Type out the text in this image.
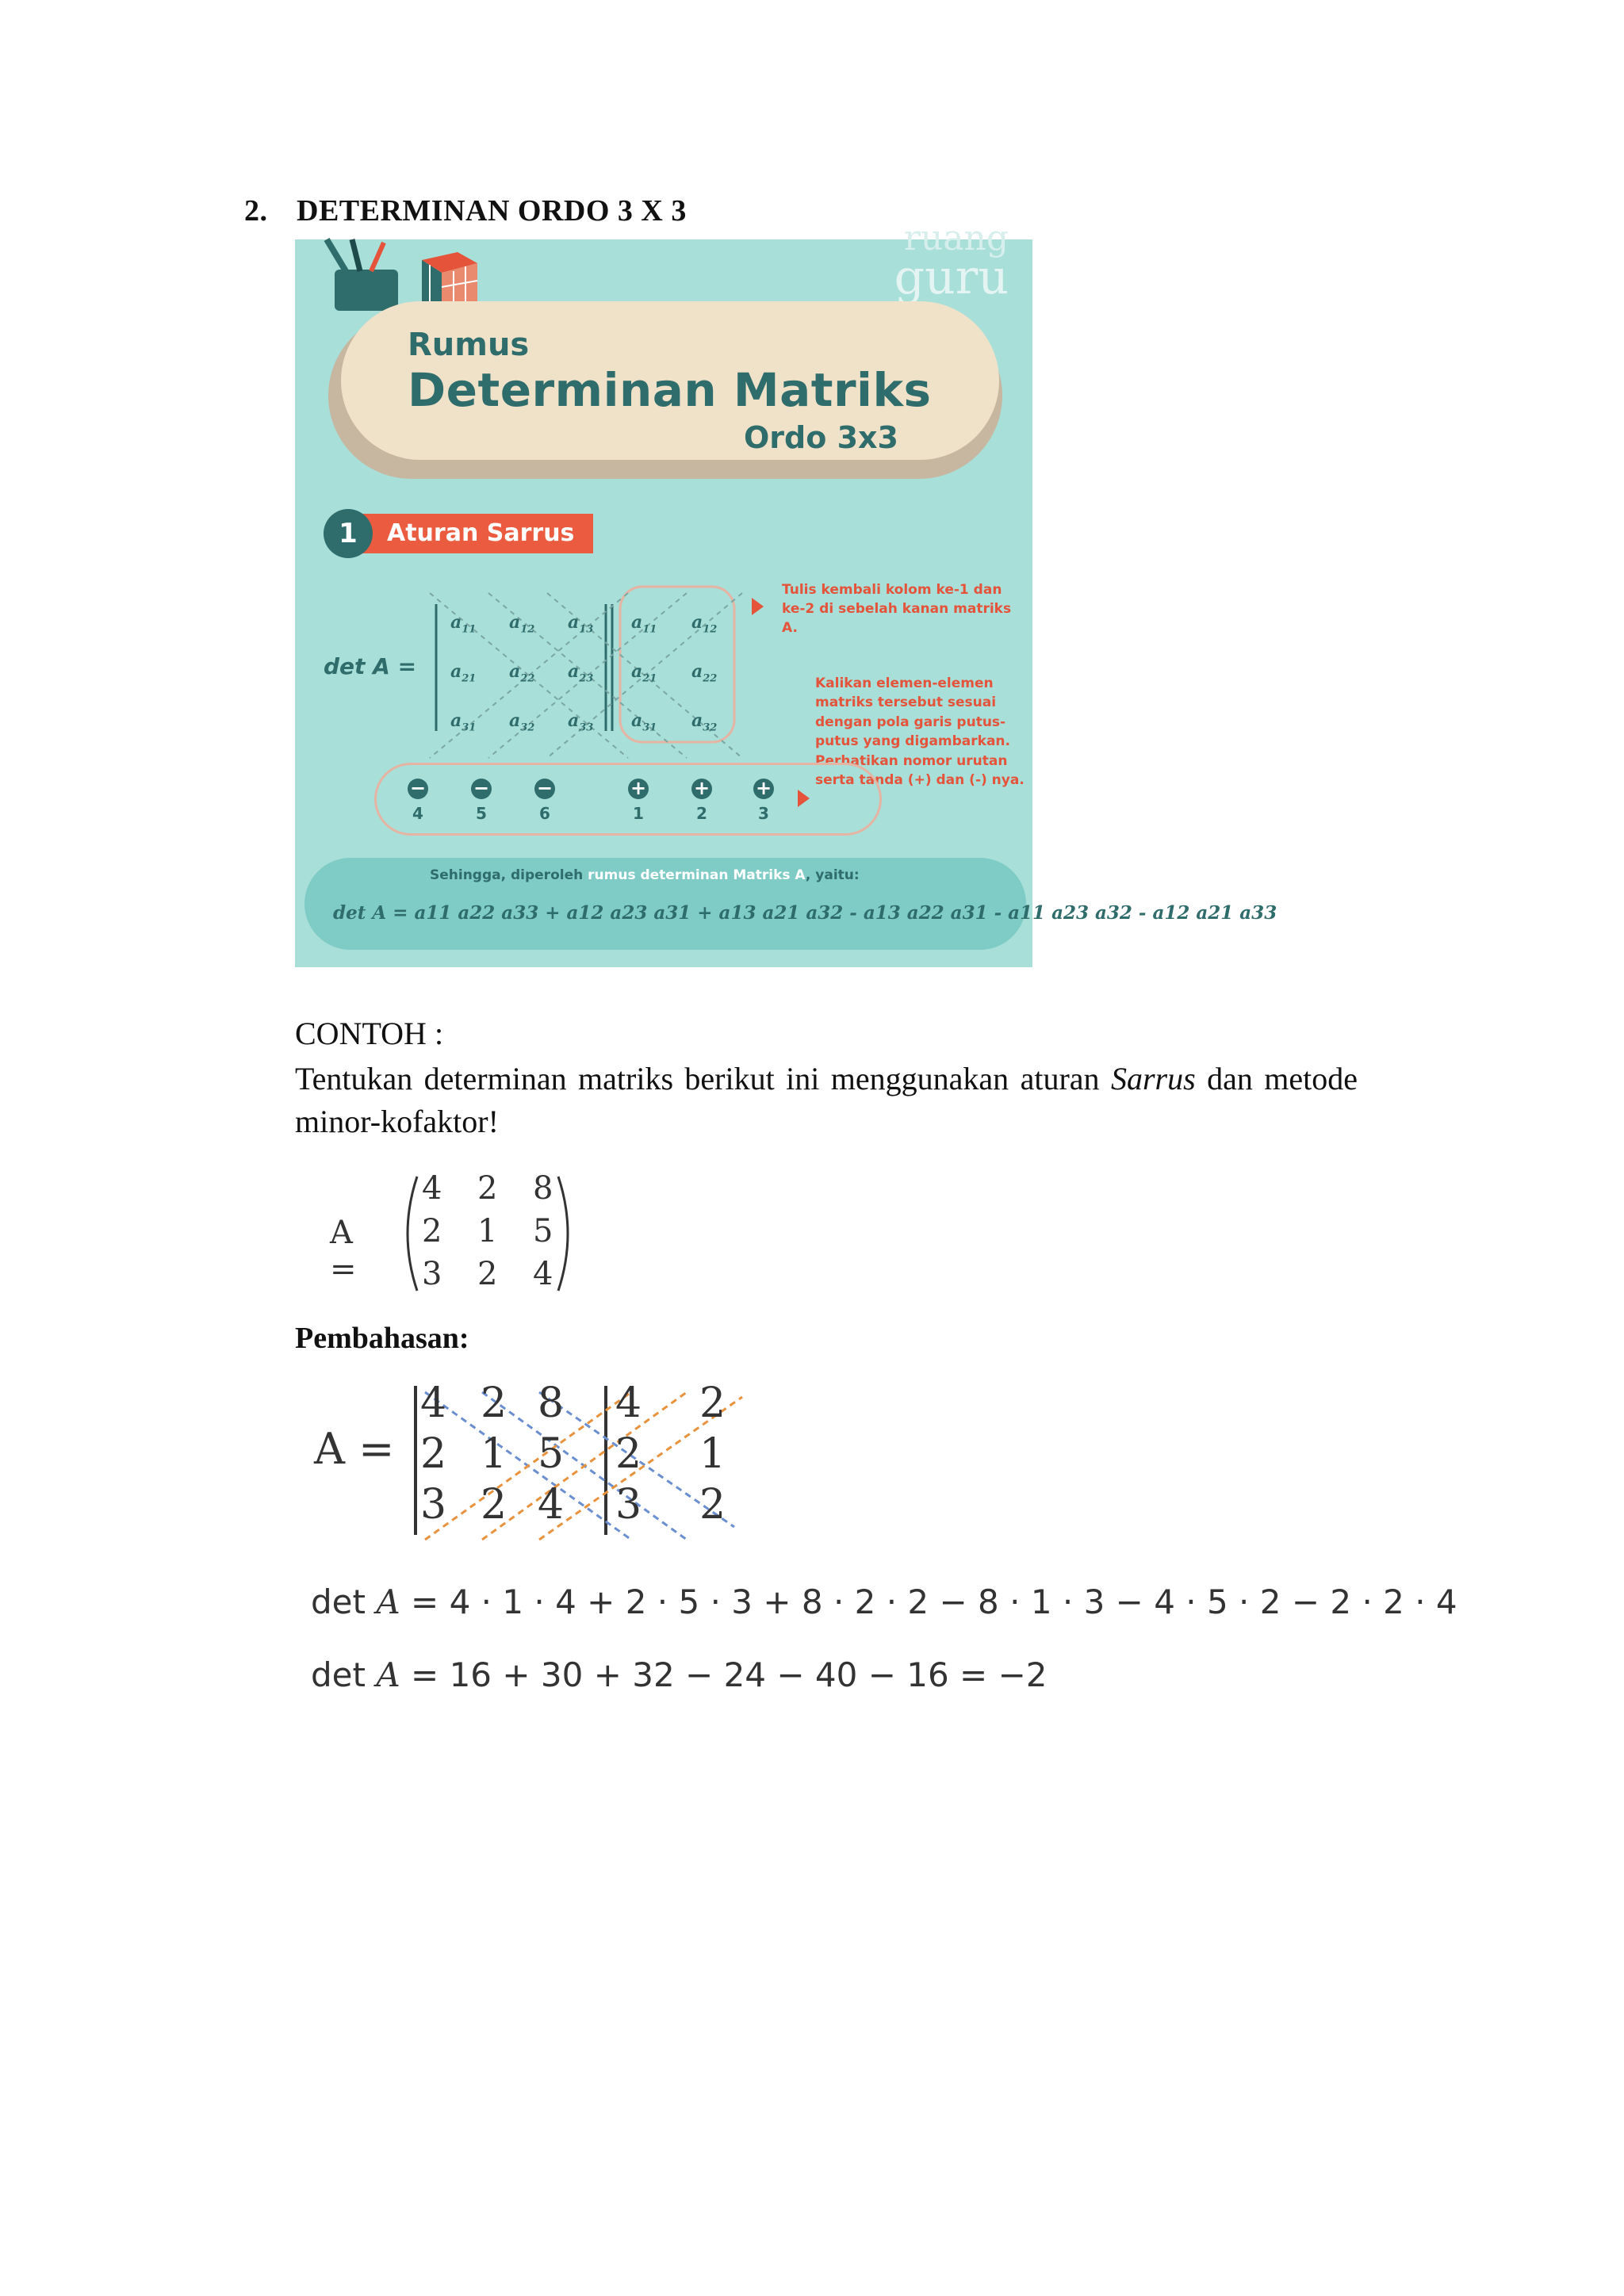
2. DETERMINAN ORDO 3 X 3
ruang
guru
Rumus
Determinan Matriks
Ordo 3x3
1	Aturan Sarrus
det A =
$a_{11}$ $a_{12}$ $a_{13}$ $a_{11}$ $a_{12}$
$a_{21}$ $a_{22}$ $a_{23}$ $a_{21}$ $a_{22}$
$a_{31}$ $a_{32}$ $a_{33}$ $a_{31}$ $a_{32}$
Tulis kembali kolom ke-1 dan ke-2 di sebelah kanan matriks A.
Kalikan elemen-elemen matriks tersebut sesuai dengan pola garis putus-putus yang digambarkan. Perhatikan nomor urutan serta tanda (+) dan (-) nya.
−
4
−
5
−
6
+
1
+
2
+
3
Sehingga, diperoleh rumus determinan Matriks A, yaitu:
det A = a11 a22 a33 + a12 a23 a31 + a13 a21 a32 - a13 a22 a31 - a11 a23 a32 - a12 a21 a33
CONTOH :
Tentukan determinan matriks berikut ini menggunakan aturan Sarrus dan metode minor-kofaktor!
A =
4 2 8
2 1 5
3 2 4
Pembahasan:
A =
4 2 8 4 2
2 1 5 2 1
3 2 4 3 2
det A = 4 · 1 · 4 + 2 · 5 · 3 + 8 · 2 · 2 − 8 · 1 · 3 − 4 · 5 · 2 − 2 · 2 · 4
det A = 16 + 30 + 32 − 24 − 40 − 16 = −2
